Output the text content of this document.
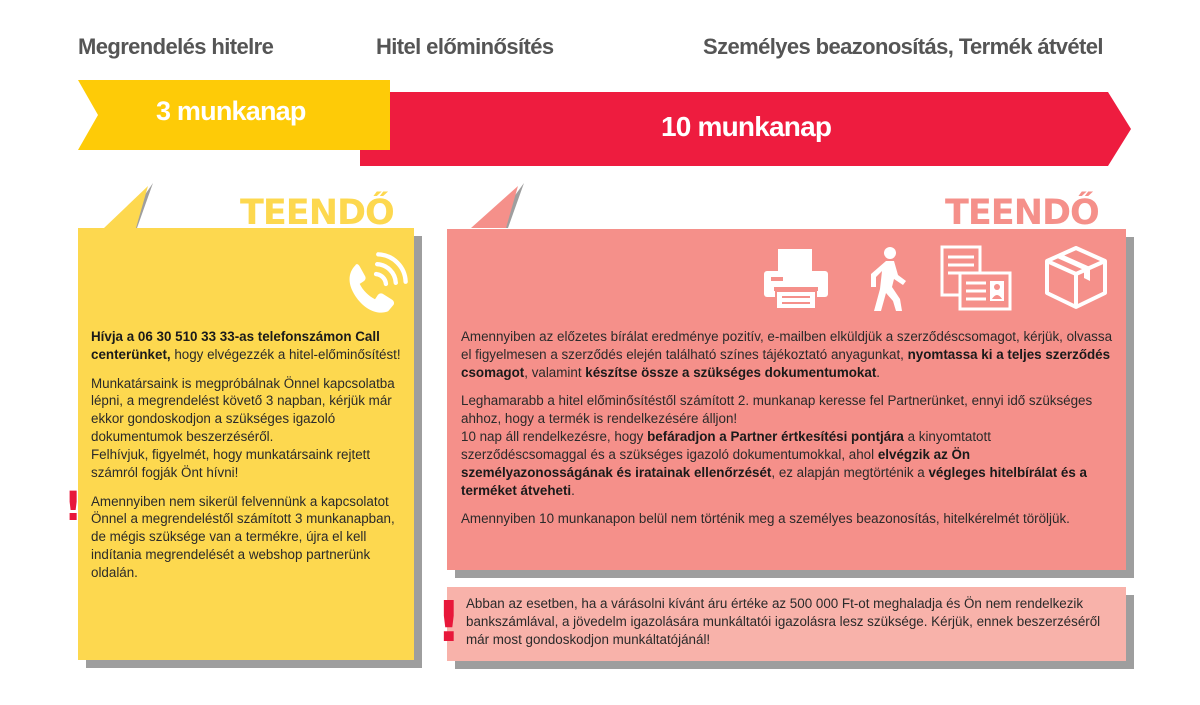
Megrendelés hitelre	Hitel előminősítés	Személyes beazonosítás, Termék átvétel
3 munkanap	10 munkanap
TEENDŐ

Hívja a 06 30 510 33 33-as telefonszámon Call centerünket, hogy elvégezzék a hitel-előminősítést!

Munkatársaink is megpróbálnak Önnel kapcsolatba lépni, a megrendelést követő 3 napban, kérjük már ekkor gondoskodjon a szükséges igazoló dokumentumok beszerzéséről.

Felhívjuk, figyelmét, hogy munkatársaink rejtett számról fogják Önt hívni!

Amennyiben nem sikerül felvennünk a kapcsolatot Önnel a megrendeléstől számított 3 munkanapban, de mégis szüksége van a termékre, újra el kell indítania megrendelését a webshop partnerünk oldalán.

!
TEENDŐ

Amennyiben az előzetes bírálat eredménye pozitív, e-mailben elküldjük a szerződéscsomagot, kérjük, olvassa el figyelmesen a szerződés elején található színes tájékoztató anyagunkat, nyomtassa ki a teljes szerződés csomagot, valamint készítse össze a szükséges dokumentumokat.

Leghamarabb a hitel előminősítéstől számított 2. munkanap keresse fel Partnerünket, ennyi idő szükséges ahhoz, hogy a termék is rendelkezésére álljon!
10 nap áll rendelkezésre, hogy befáradjon a Partner értkesítési pontjára a kinyomtatott szerződéscsomaggal és a szükséges igazoló dokumentumokkal, ahol elvégzik az Ön személyazonosságának és iratainak ellenőrzését, ez alapján megtörténik a végleges hitelbírálat és a terméket átveheti.

Amennyiben 10 munkanapon belül nem történik meg a személyes beazonosítás, hitelkérelmét töröljük.

! Abban az esetben, ha a várásolni kívánt áru értéke az 500 000 Ft-ot meghaladja és Ön nem rendelkezik bankszámlával, a jövedelm igazolására munkáltatói igazolásra lesz szüksége. Kérjük, ennek beszerzéséről már most gondoskodjon munkáltatójánál!
